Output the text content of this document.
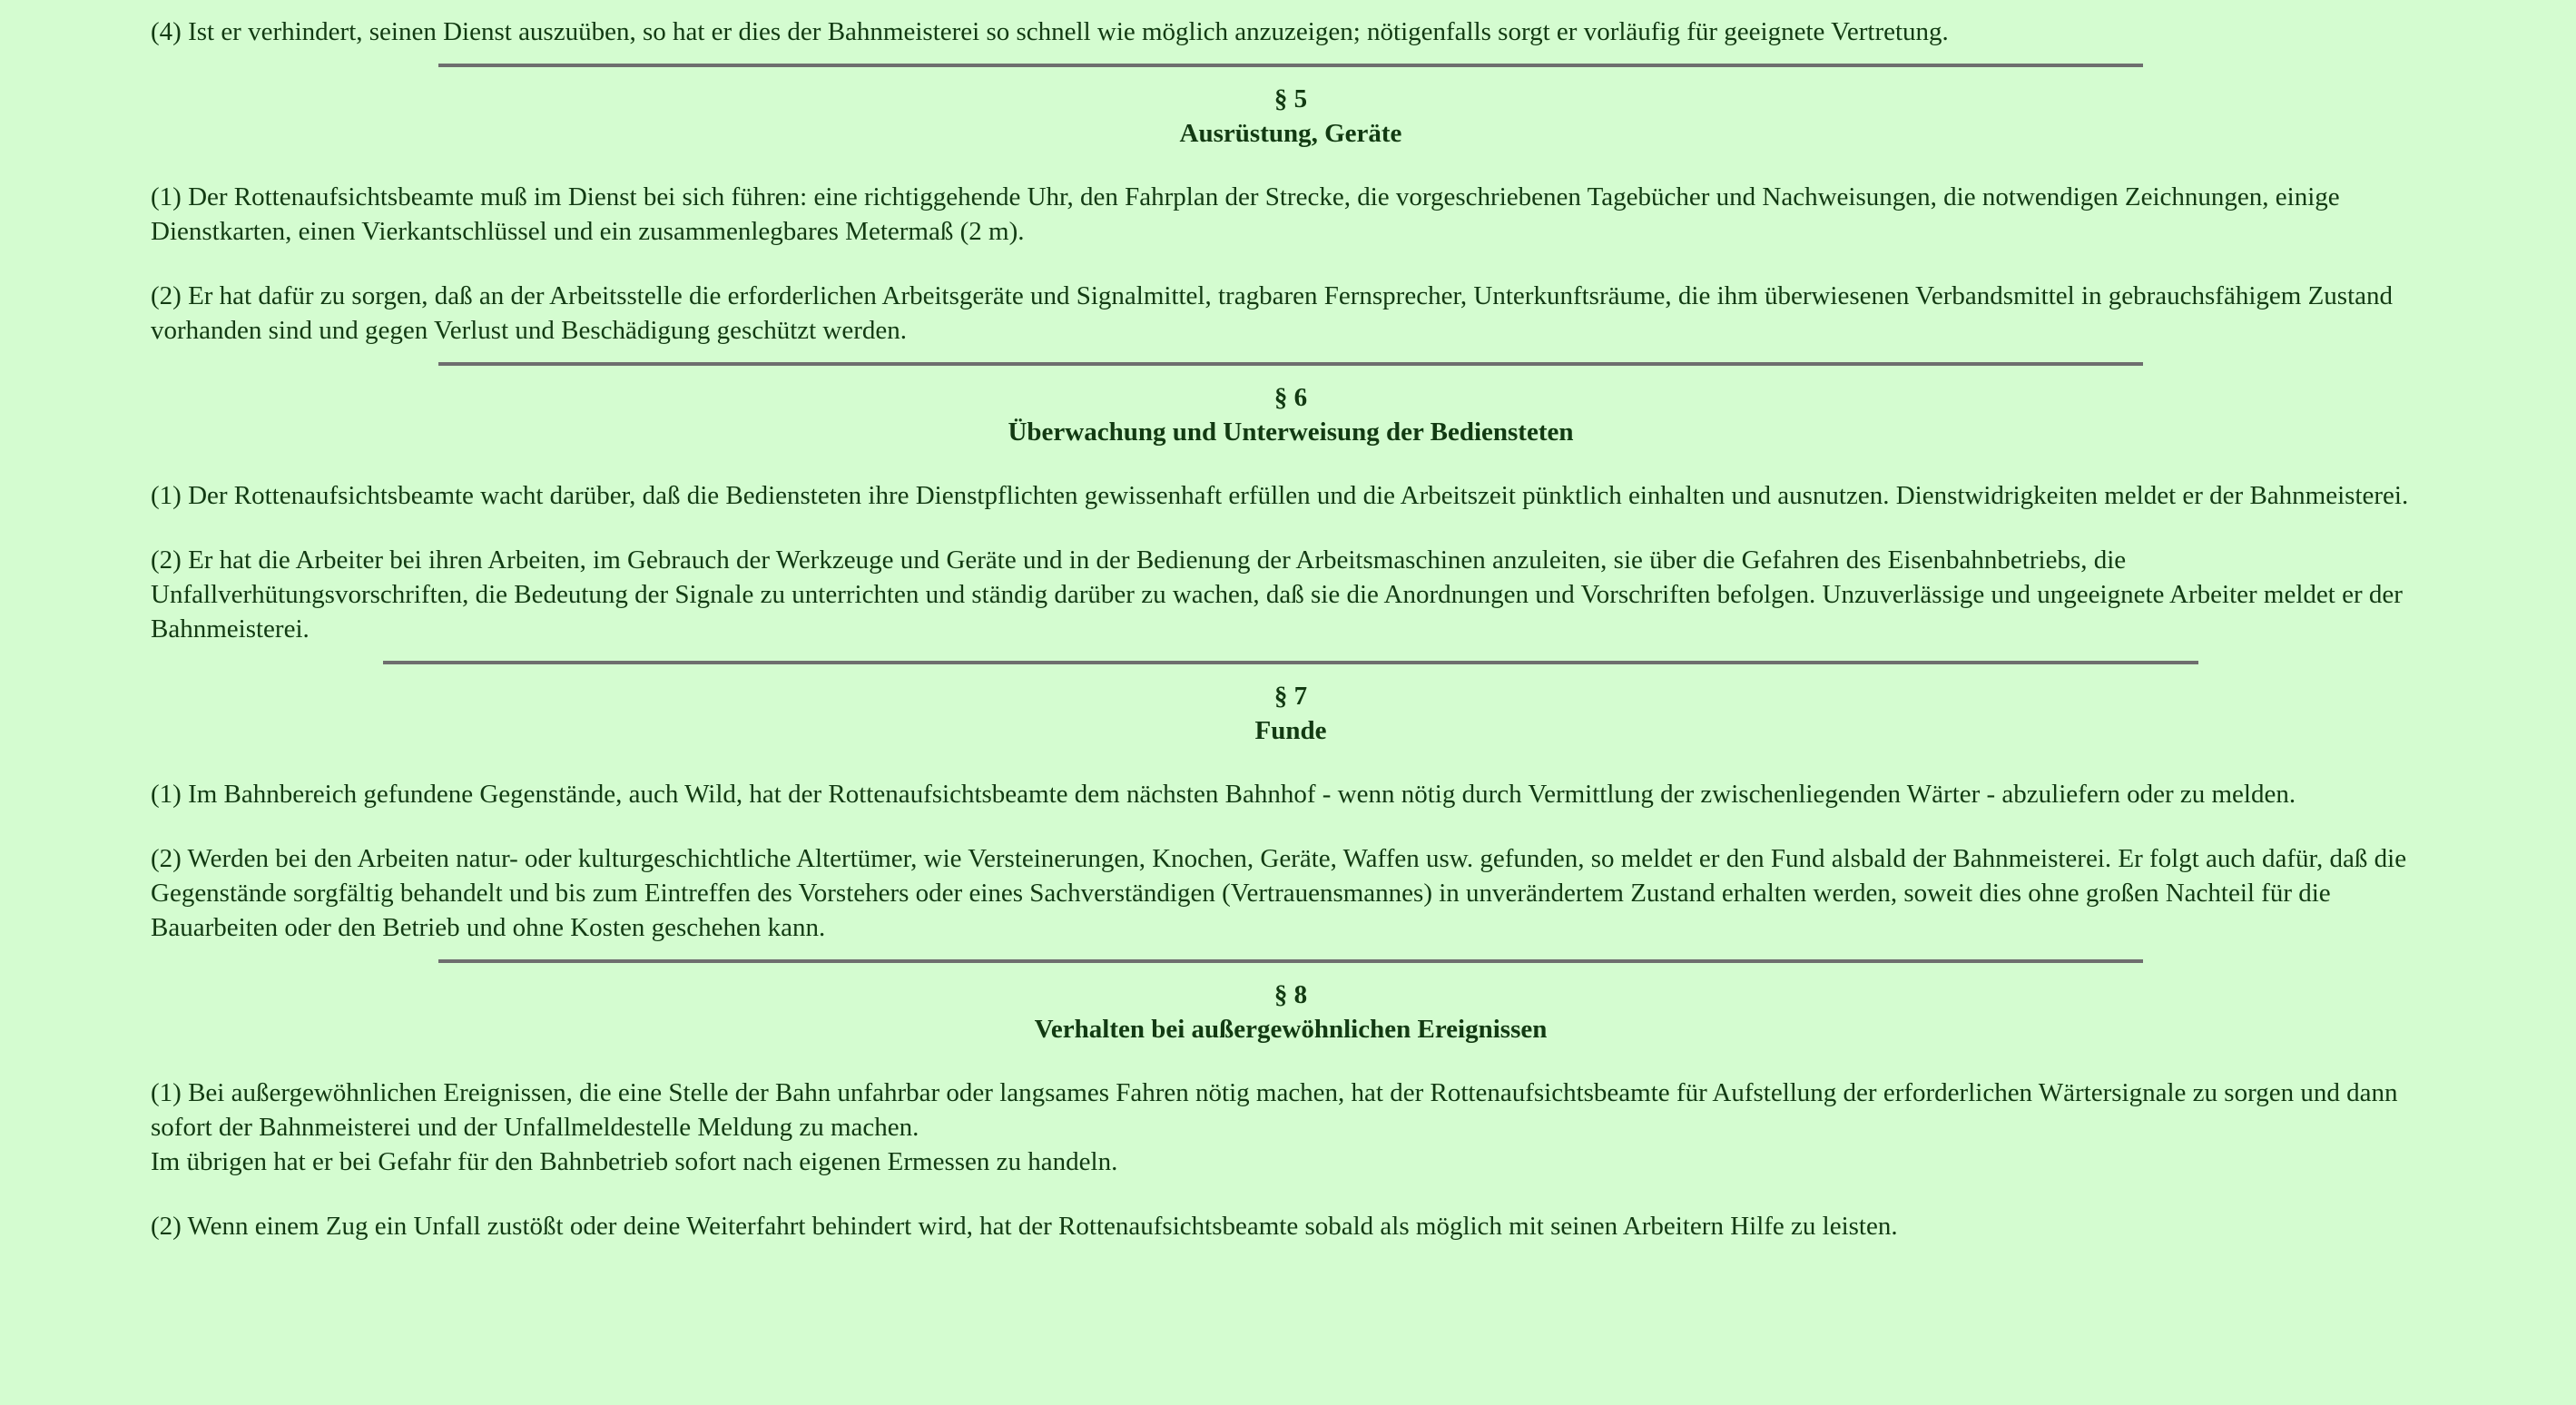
(4) Ist er verhindert, seinen Dienst auszuüben, so hat er dies der Bahnmeisterei so schnell wie möglich anzuzeigen; nötigenfalls sorgt er vorläufig für geeignete Vertretung.

§ 5
Ausrüstung, Geräte

(1) Der Rottenaufsichtsbeamte muß im Dienst bei sich führen: eine richtiggehende Uhr, den Fahrplan der Strecke, die vorgeschriebenen Tagebücher und Nachweisungen, die notwendigen Zeichnungen, einige Dienstkarten, einen Vierkantschlüssel und ein zusammenlegbares Metermaß (2 m).

(2) Er hat dafür zu sorgen, daß an der Arbeitsstelle die erforderlichen Arbeitsgeräte und Signalmittel, tragbaren Fernsprecher, Unterkunftsräume, die ihm überwiesenen Verbandsmittel in gebrauchsfähigem Zustand vorhanden sind und gegen Verlust und Beschädigung geschützt werden.

§ 6
Überwachung und Unterweisung der Bediensteten

(1) Der Rottenaufsichtsbeamte wacht darüber, daß die Bediensteten ihre Dienstpflichten gewissenhaft erfüllen und die Arbeitszeit pünktlich einhalten und ausnutzen. Dienstwidrigkeiten meldet er der Bahnmeisterei.

(2) Er hat die Arbeiter bei ihren Arbeiten, im Gebrauch der Werkzeuge und Geräte und in der Bedienung der Arbeitsmaschinen anzuleiten, sie über die Gefahren des Eisenbahnbetriebs, die Unfallverhütungsvorschriften, die Bedeutung der Signale zu unterrichten und ständig darüber zu wachen, daß sie die Anordnungen und Vorschriften befolgen. Unzuverlässige und ungeeignete Arbeiter meldet er der Bahnmeisterei.

§ 7
Funde

(1) Im Bahnbereich gefundene Gegenstände, auch Wild, hat der Rottenaufsichtsbeamte dem nächsten Bahnhof - wenn nötig durch Vermittlung der zwischenliegenden Wärter - abzuliefern oder zu melden.

(2) Werden bei den Arbeiten natur- oder kulturgeschichtliche Altertümer, wie Versteinerungen, Knochen, Geräte, Waffen usw. gefunden, so meldet er den Fund alsbald der Bahnmeisterei. Er folgt auch dafür, daß die Gegenstände sorgfältig behandelt und bis zum Eintreffen des Vorstehers oder eines Sachverständigen (Vertrauensmannes) in unverändertem Zustand erhalten werden, soweit dies ohne großen Nachteil für die Bauarbeiten oder den Betrieb und ohne Kosten geschehen kann.

§ 8
Verhalten bei außergewöhnlichen Ereignissen

(1) Bei außergewöhnlichen Ereignissen, die eine Stelle der Bahn unfahrbar oder langsames Fahren nötig machen, hat der Rottenaufsichtsbeamte für Aufstellung der erforderlichen Wärtersignale zu sorgen und dann sofort der Bahnmeisterei und der Unfallmeldestelle Meldung zu machen.
Im übrigen hat er bei Gefahr für den Bahnbetrieb sofort nach eigenen Ermessen zu handeln.

(2) Wenn einem Zug ein Unfall zustößt oder deine Weiterfahrt behindert wird, hat der Rottenaufsichtsbeamte sobald als möglich mit seinen Arbeitern Hilfe zu leisten.
